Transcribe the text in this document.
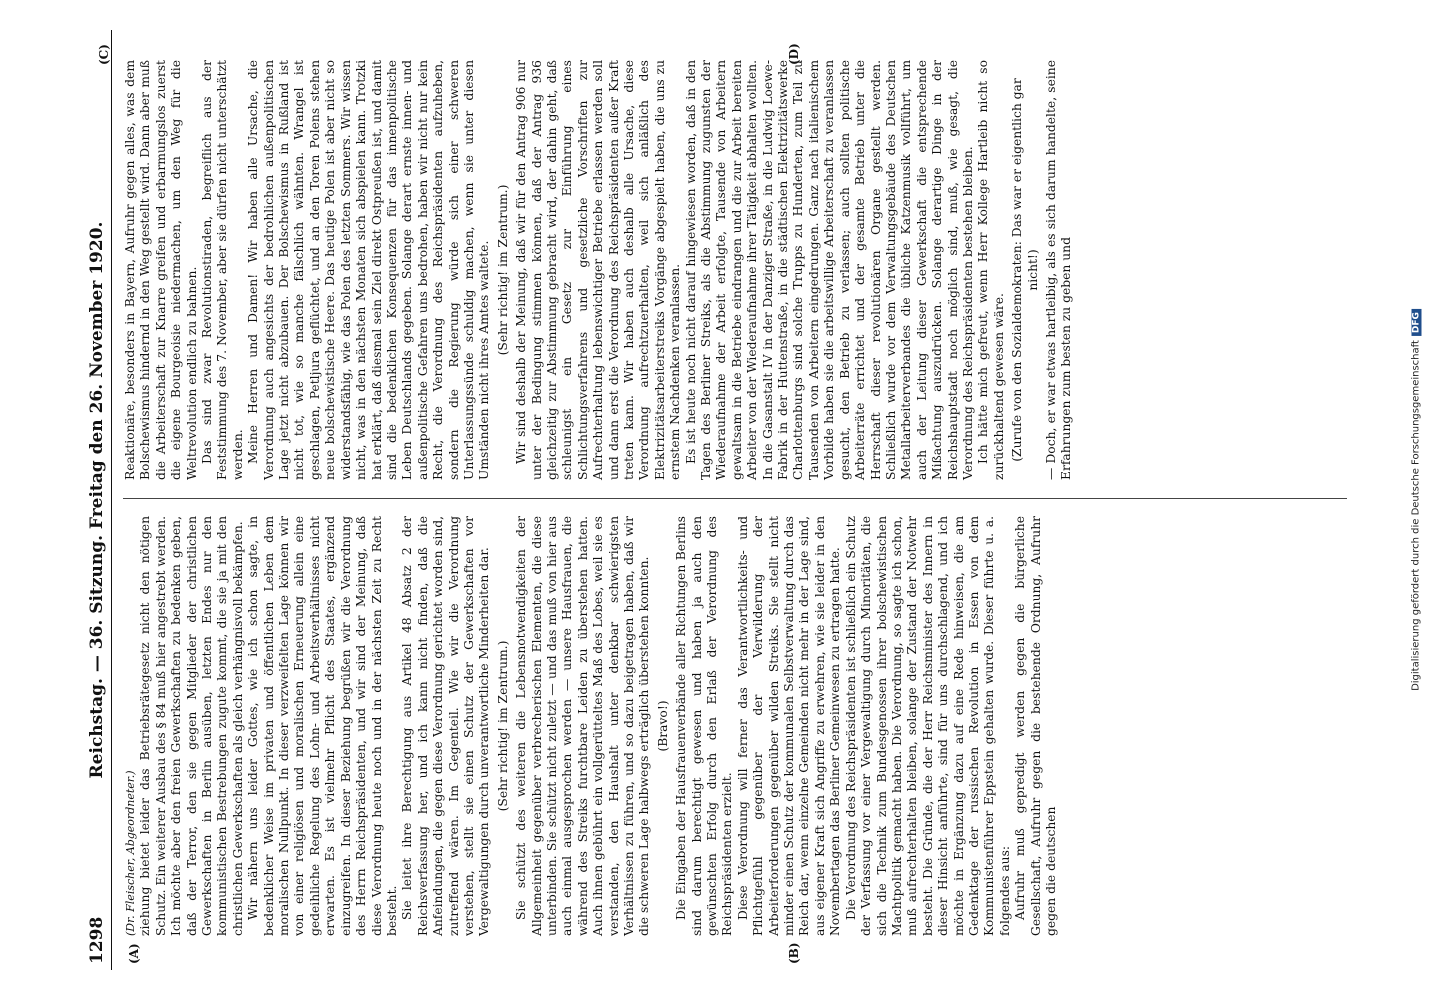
1298
Reichstag. — 36. Sitzung. Freitag den 26. November 1920.
(A)	(B)
(C)	(D)

(Dr. Fleischer, Abgeordneter.) ziehung bietet leider das Betriebsrätegesetz nicht den nötigen Schutz. Ein weiterer Ausbau des § 84 muß hier angestrebt werden. Ich möchte aber den freien Gewerkschaften zu bedenken geben, daß der Terror, den sie gegen Mitglieder der christlichen Gewerkschaften in Berlin ausüben, letzten Endes nur den kommunistischen Bestrebungen zugute kommt, die sie ja mit den christlichen Gewerkschaften als gleich verhängnisvoll bekämpfen. Wir nähern uns leider Gottes, wie ich schon sagte, in bedenklicher Weise im privaten und öffentlichen Leben dem moralischen Nullpunkt. In dieser verzweifelten Lage können wir von einer religiösen und moralischen Erneuerung allein eine gedeihliche Regelung des Lohn- und Arbeitsverhältnisses nicht erwarten. Es ist vielmehr Pflicht des Staates, ergänzend einzugreifen. In dieser Beziehung begrüßen wir die Verordnung des Herrn Reichspräsidenten, und wir sind der Meinung, daß diese Verordnung heute noch und in der nächsten Zeit zu Recht besteht. Sie leitet ihre Berechtigung aus Artikel 48 Absatz 2 der Reichsverfassung her, und ich kann nicht finden, daß die Anfeindungen, die gegen diese Verordnung gerichtet worden sind, zutreffend wären. Im Gegenteil. Wie wir die Verordnung verstehen, stellt sie einen Schutz der Gewerkschaften vor Vergewaltigungen durch unverantwortliche Minderheiten dar. (Sehr richtig! im Zentrum.) Sie schützt des weiteren die Lebensnotwendigkeiten der Allgemeinheit gegenüber verbrecherischen Elementen, die diese unterbinden. Sie schützt nicht zuletzt — und das muß von hier aus auch einmal ausgesprochen werden — unsere Hausfrauen, die während des Streiks furchtbare Leiden zu überstehen hatten. Auch ihnen gebührt ein vollgerütteltes Maß des Lobes, weil sie es verstanden, den Haushalt unter denkbar schwierigsten Verhältnissen zu führen, und so dazu beigetragen haben, daß wir die schweren Lage halbwegs erträglich überstehen konnten. (Bravo!) Die Eingaben der Hausfrauenverbände aller Richtungen Berlins sind darum berechtigt gewesen und haben ja auch den gewünschten Erfolg durch den Erlaß der Verordnung des Reichspräsidenten erzielt. Diese Verordnung will ferner das Verantwortlichkeits- und Pflichtgefühl gegenüber der Verwilderung der Arbeiterforderungen gegenüber wilden Streiks. Sie stellt nicht minder einen Schutz der kommunalen Selbstverwaltung durch das Reich dar, wenn einzelne Gemeinden nicht mehr in der Lage sind, aus eigener Kraft sich Angriffe zu erwehren, wie sie leider in den Novembertagen das Berliner Gemeinwesen zu ertragen hatte. Die Verordnung des Reichspräsidenten ist schließlich ein Schutz der Verfassung vor einer Vergewaltigung durch Minoritäten, die sich die Technik zum Bundesgenossen ihrer bolschewistischen Machtpolitik gemacht haben. Die Verordnung, so sagte ich schon, muß aufrechterhalten bleiben, solange der Zustand der Notwehr besteht. Die Gründe, die der Herr Reichsminister des Innern in dieser Hinsicht anführte, sind für uns durchschlagend, und ich möchte in Ergänzung dazu auf eine Rede hinweisen, die am Gedenktage der russischen Revolution in Essen von dem Kommunistenführer Eppstein gehalten wurde. Dieser führte u. a. folgendes aus: Aufruhr muß gepredigt werden gegen die bürgerliche Gesellschaft, Aufruhr gegen die bestehende Ordnung, Aufruhr gegen die deutschen

Reaktionäre, besonders in Bayern, Aufruhr gegen alles, was dem Bolschewismus hindernd in den Weg gestellt wird. Dann aber muß die Arbeiterschaft zur Knarre greifen und erbarmungslos zuerst die eigene Bourgeoisie niedermachen, um den Weg für die Weltrevolution endlich zu bahnen. Das sind zwar Revolutionstiraden, begreiflich aus der Feststimmung des 7. November, aber sie dürfen nicht unterschätzt werden. Meine Herren und Damen! Wir haben alle Ursache, die Verordnung auch angesichts der bedrohlichen außenpolitischen Lage jetzt nicht abzubauen. Der Bolschewismus in Rußland ist nicht tot, wie so manche fälschlich wähnten. Wrangel ist geschlagen, Petljura geflüchtet, und an den Toren Polens stehen neue bolschewistische Heere. Das heutige Polen ist aber nicht so widerstandsfähig, wie das Polen des letzten Sommers. Wir wissen nicht, was in den nächsten Monaten sich abspielen kann. Trotzki hat erklärt, daß diesmal sein Ziel direkt Ostpreußen ist, und damit sind die bedenklichen Konsequenzen für das innenpolitische Leben Deutschlands gegeben. Solange derart ernste innen- und außenpolitische Gefahren uns bedrohen, haben wir nicht nur kein Recht, die Verordnung des Reichspräsidenten aufzuheben, sondern die Regierung würde sich einer schweren Unterlassungssünde schuldig machen, wenn sie unter diesen Umständen nicht ihres Amtes waltete. (Sehr richtig! im Zentrum.) Wir sind deshalb der Meinung, daß wir für den Antrag 906 nur unter der Bedingung stimmen können, daß der Antrag 936 gleichzeitig zur Abstimmung gebracht wird, der dahin geht, daß schleunigst ein Gesetz zur Einführung eines Schlichtungsverfahrens und gesetzliche Vorschriften zur Aufrechterhaltung lebenswichtiger Betriebe erlassen werden soll und dann erst die Verordnung des Reichspräsidenten außer Kraft treten kann. Wir haben auch deshalb alle Ursache, diese Verordnung aufrechtzuerhalten, weil sich anläßlich des Elektrizitätsarbeiterstreiks Vorgänge abgespielt haben, die uns zu ernstem Nachdenken veranlassen. Es ist heute noch nicht darauf hingewiesen worden, daß in den Tagen des Berliner Streiks, als die Abstimmung zugunsten der Wiederaufnahme der Arbeit erfolgte, Tausende von Arbeitern gewaltsam in die Betriebe eindrangen und die zur Arbeit bereiten Arbeiter von der Wiederaufnahme ihrer Tätigkeit abhalten wollten. In die Gasanstalt IV in der Danziger Straße, in die Ludwig Loewe-Fabrik in der Huttenstraße, in die städtischen Elektrizitätswerke Charlottenburgs sind solche Trupps zu Hunderten, zum Teil zu Tausenden von Arbeitern eingedrungen. Ganz nach italienischem Vorbilde haben sie die arbeitswillige Arbeiterschaft zu veranlassen gesucht, den Betrieb zu verlassen; auch sollten politische Arbeiterräte errichtet und der gesamte Betrieb unter die Herrschaft dieser revolutionären Organe gestellt werden. Schließlich wurde vor dem Verwaltungsgebäude des Deutschen Metallarbeiterverbandes die übliche Katzenmusik vollführt, um auch der Leitung dieser Gewerkschaft die entsprechende Mißachtung auszudrücken. Solange derartige Dinge in der Reichshauptstadt noch möglich sind, muß, wie gesagt, die Verordnung des Reichspräsidenten bestehen bleiben. Ich hätte mich gefreut, wenn Herr Kollege Hartleib nicht so zurückhaltend gewesen wäre. (Zurufe von den Sozialdemokraten: Das war er eigentlich gar nicht!) — Doch, er war etwas hartleibig, als es sich darum handelte, seine Erfahrungen zum besten zu geben und	Digitalisierung gefördert durch die Deutsche ForschungsgemeinschaftDFG
